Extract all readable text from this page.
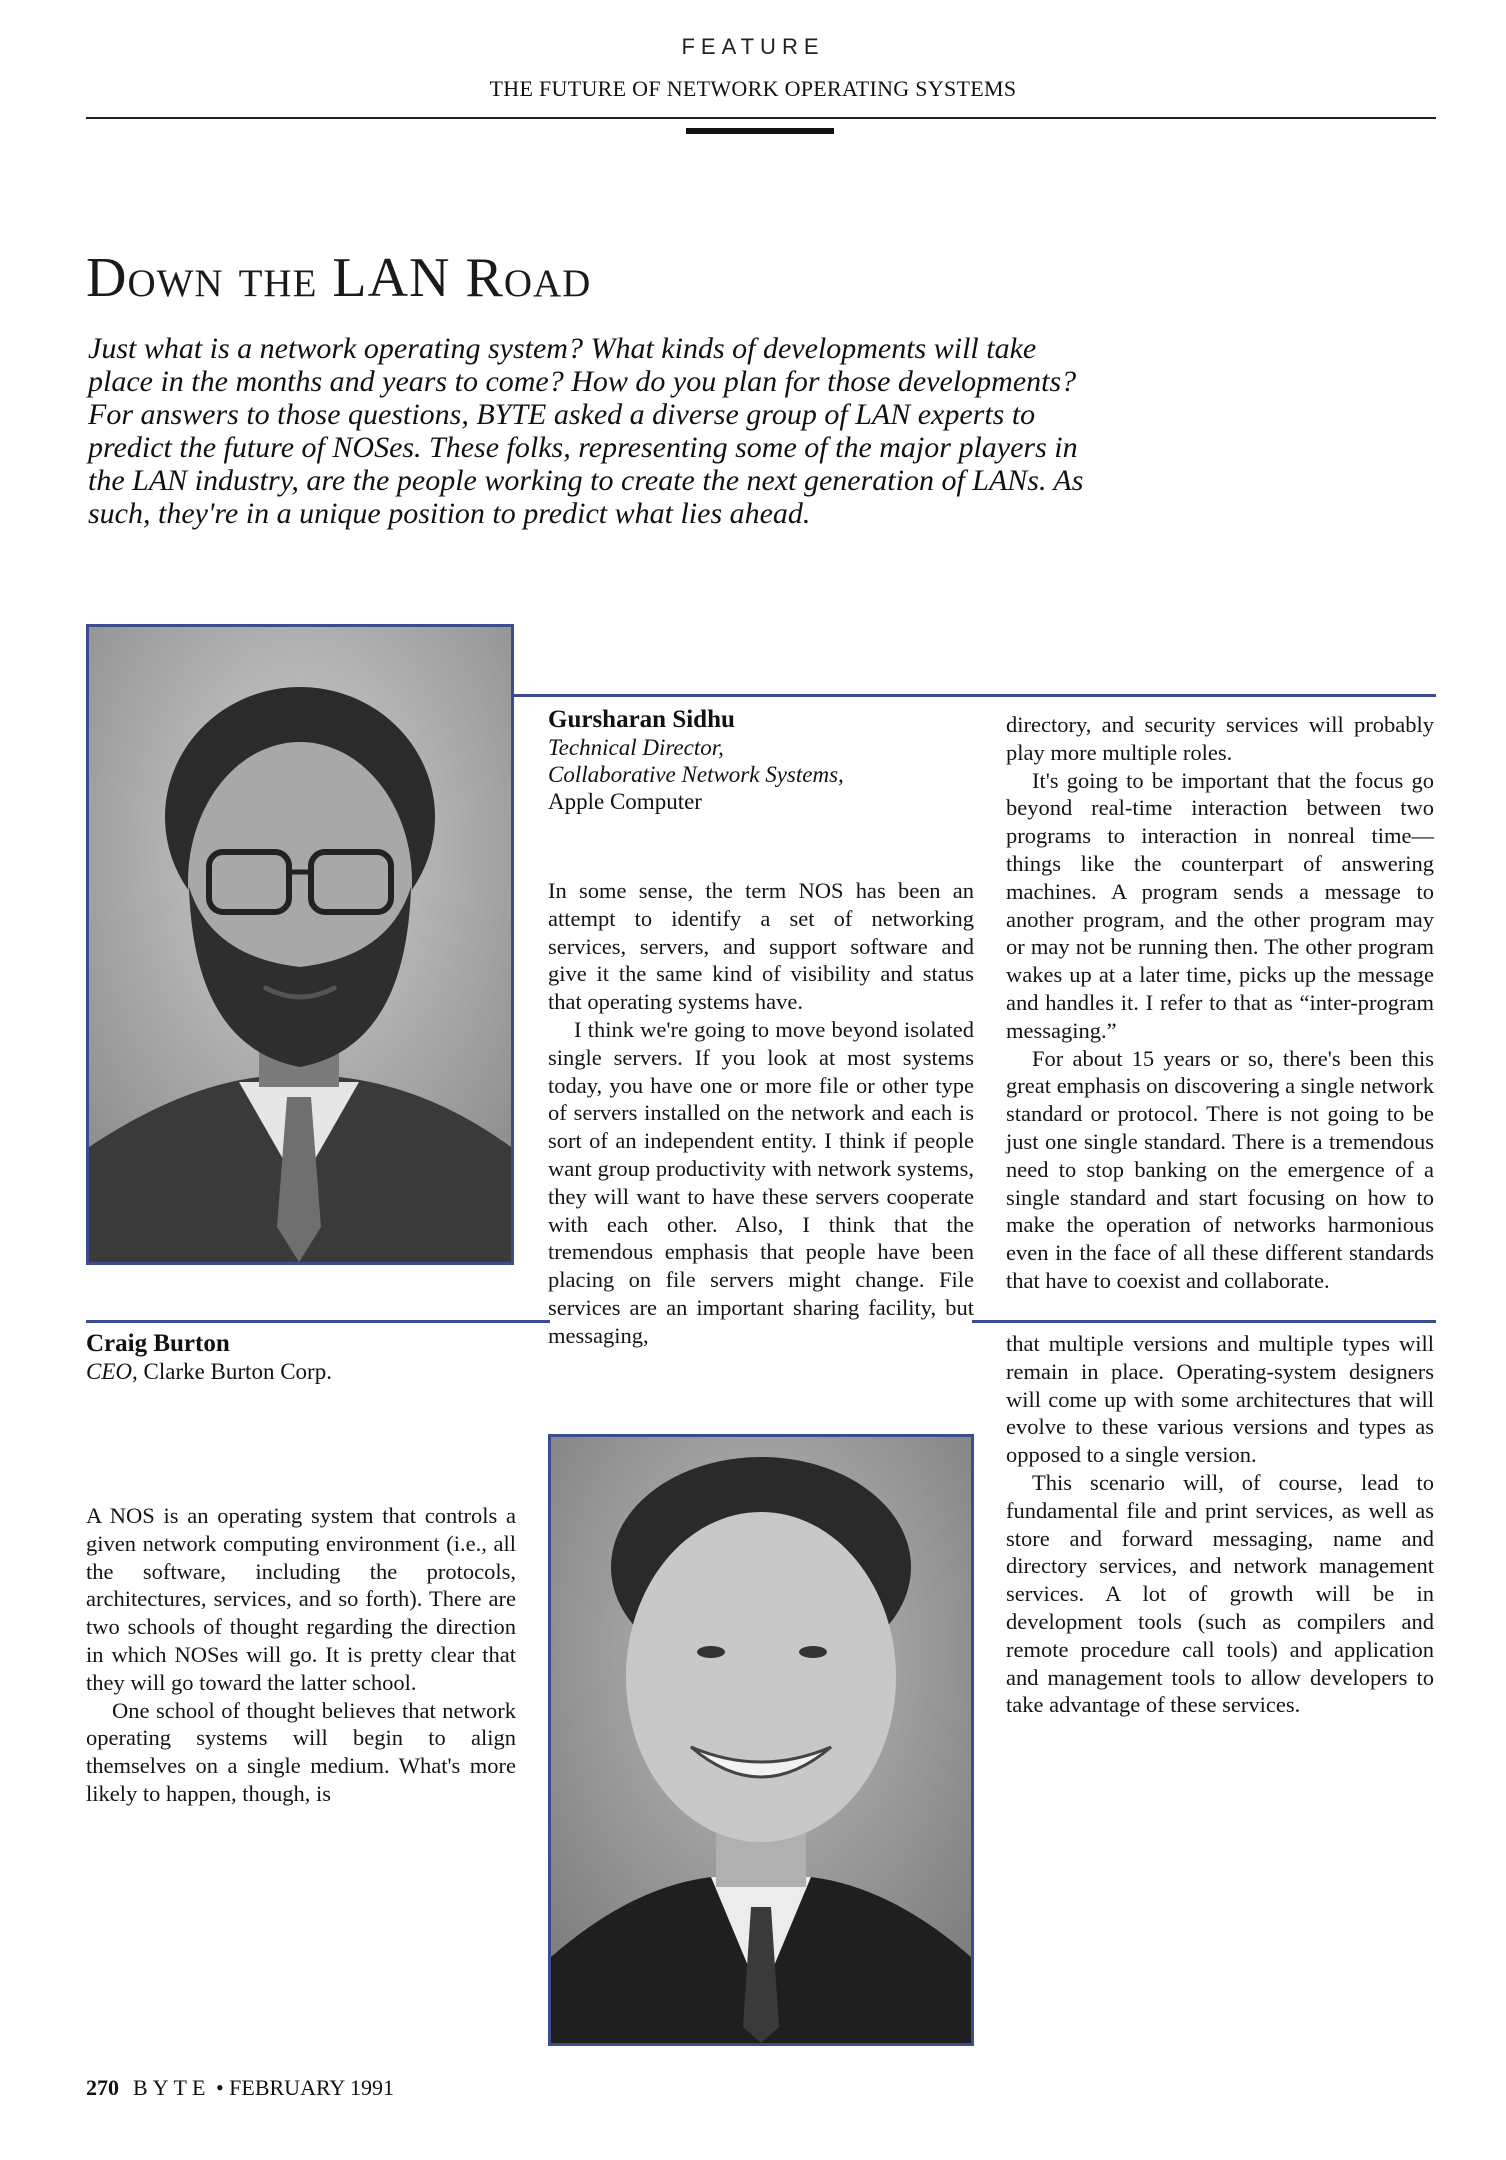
FEATURE
THE FUTURE OF NETWORK OPERATING SYSTEMS
Down the LAN Road
Just what is a network operating system? What kinds of developments will take place in the months and years to come? How do you plan for those developments? For answers to those questions, BYTE asked a diverse group of LAN experts to predict the future of NOSes. These folks, representing some of the major players in the LAN industry, are the people working to create the next generation of LANs. As such, they're in a unique position to predict what lies ahead.
Gursharan Sidhu
Technical Director,
Collaborative Network Systems,
Apple Computer

In some sense, the term NOS has been an attempt to identify a set of networking services, servers, and support software and give it the same kind of visibility and status that operating systems have.

I think we're going to move beyond isolated single servers. If you look at most systems today, you have one or more file or other type of servers installed on the network and each is sort of an independent entity. I think if people want group productivity with network systems, they will want to have these servers cooperate with each other. Also, I think that the tremendous emphasis that people have been placing on file servers might change. File services are an important sharing facility, but messaging,

directory, and security services will probably play more multiple roles.

It's going to be important that the focus go beyond real-time interaction between two programs to interaction in nonreal time—things like the counterpart of answering machines. A program sends a message to another program, and the other program may or may not be running then. The other program wakes up at a later time, picks up the message and handles it. I refer to that as “inter-program messaging.”

For about 15 years or so, there's been this great emphasis on discovering a single network standard or protocol. There is not going to be just one single standard. There is a tremendous need to stop banking on the emergence of a single standard and start focusing on how to make the operation of networks harmonious even in the face of all these different standards that have to coexist and collaborate.

Craig Burton
CEO, Clarke Burton Corp.

A NOS is an operating system that controls a given network computing environment (i.e., all the software, including the protocols, architectures, services, and so forth). There are two schools of thought regarding the direction in which NOSes will go. It is pretty clear that they will go toward the latter school.

One school of thought believes that network operating systems will begin to align themselves on a single medium. What's more likely to happen, though, is

that multiple versions and multiple types will remain in place. Operating-system designers will come up with some architectures that will evolve to these various versions and types as opposed to a single version.

This scenario will, of course, lead to fundamental file and print services, as well as store and forward messaging, name and directory services, and network management services. A lot of growth will be in development tools (such as compilers and remote procedure call tools) and application and management tools to allow developers to take advantage of these services.

270 BYTE • FEBRUARY 1991
